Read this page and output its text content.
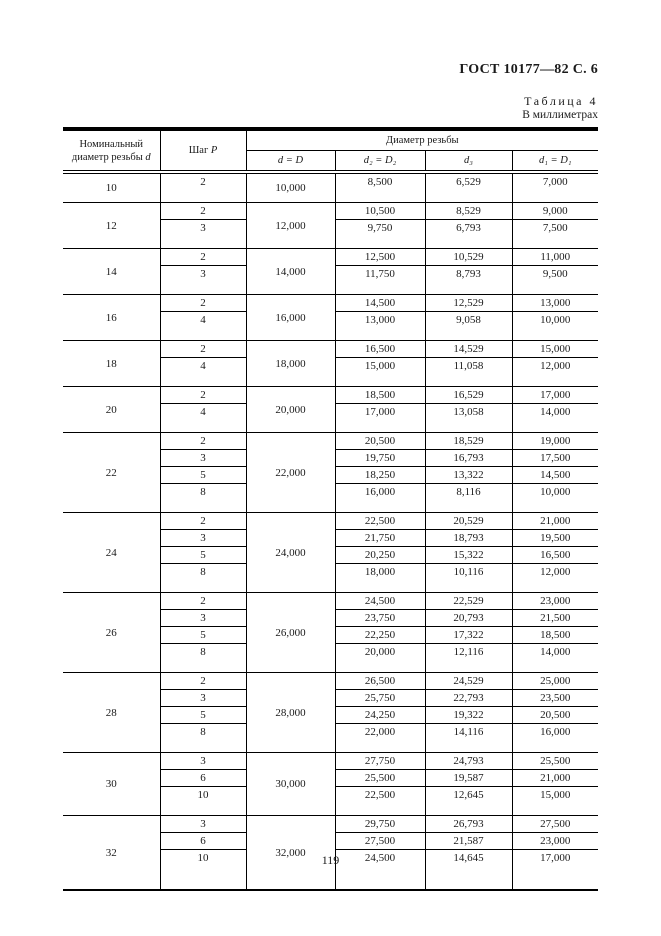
ГОСТ 10177—82 С. 6
Таблица 4
В миллиметрах
Номинальный
диаметр резьбы d	Шаг P	Диаметр резьбы			
		d = D	d₂ = D₂	d₃	d₁ = D₁
10	2	10,000	8,500	6,529	7,000
12	2	12,000	10,500	8,529	9,000
	3		9,750	6,793	7,500
14	2	14,000	12,500	10,529	11,000
	3		11,750	8,793	9,500
16	2	16,000	14,500	12,529	13,000
	4		13,000	9,058	10,000
18	2	18,000	16,500	14,529	15,000
	4		15,000	11,058	12,000
20	2	20,000	18,500	16,529	17,000
	4		17,000	13,058	14,000
22	2	22,000	20,500	18,529	19,000
	3		19,750	16,793	17,500
	5		18,250	13,322	14,500
	8		16,000	8,116	10,000
24	2	24,000	22,500	20,529	21,000
	3		21,750	18,793	19,500
	5		20,250	15,322	16,500
	8		18,000	10,116	12,000
26	2	26,000	24,500	22,529	23,000
	3		23,750	20,793	21,500
	5		22,250	17,322	18,500
	8		20,000	12,116	14,000
28	2	28,000	26,500	24,529	25,000
	3		25,750	22,793	23,500
	5		24,250	19,322	20,500
	8		22,000	14,116	16,000
30	3	30,000	27,750	24,793	25,500
	6		25,500	19,587	21,000
	10		22,500	12,645	15,000
32	3	32,000	29,750	26,793	27,500
	6		27,500	21,587	23,000
	10		24,500	14,645	17,000
119
